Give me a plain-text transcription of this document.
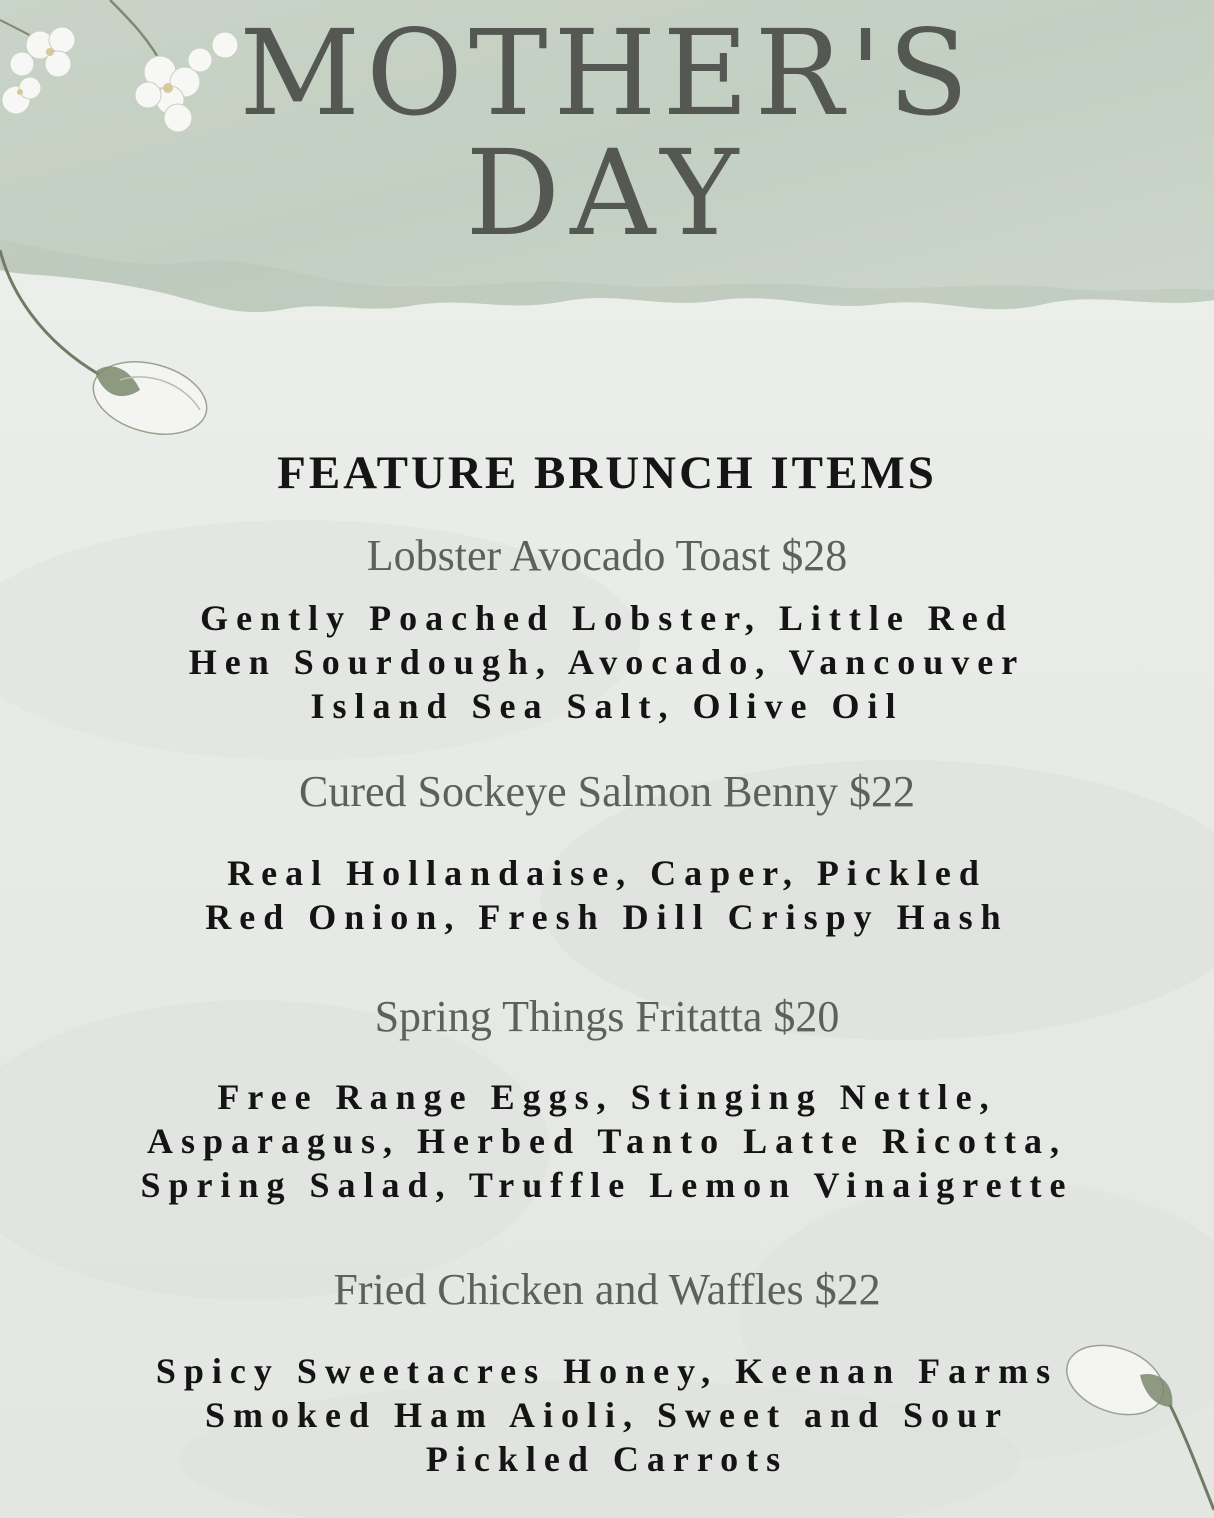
MOTHER'S
DAY
FEATURE BRUNCH ITEMS
Lobster Avocado Toast $28

Gently Poached Lobster, Little Red
Hen Sourdough, Avocado, Vancouver
Island Sea Salt, Olive Oil

Cured Sockeye Salmon Benny $22

Real Hollandaise, Caper, Pickled
Red Onion, Fresh Dill Crispy Hash

Spring Things Fritatta $20

Free Range Eggs, Stinging Nettle,
Asparagus, Herbed Tanto Latte Ricotta,
Spring Salad, Truffle Lemon Vinaigrette

Fried Chicken and Waffles $22

Spicy Sweetacres Honey, Keenan Farms
Smoked Ham Aioli, Sweet and Sour
Pickled Carrots
